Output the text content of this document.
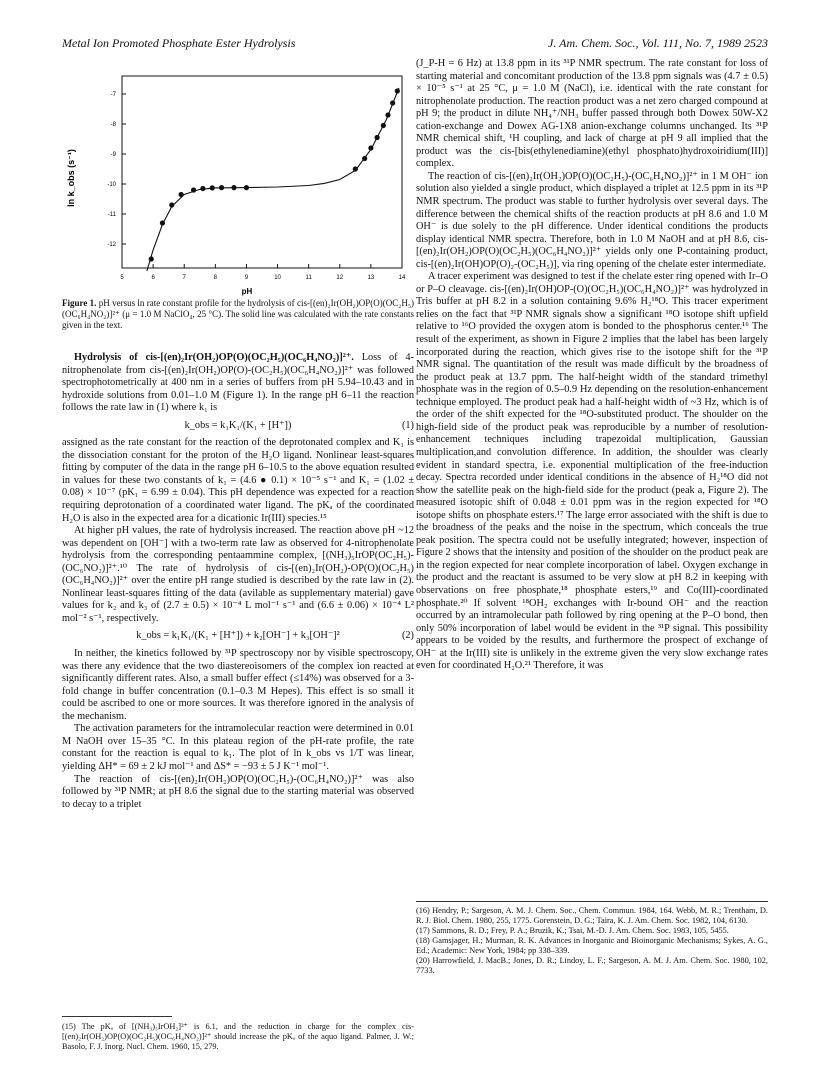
Metal Ion Promoted Phosphate Ester Hydrolysis	J. Am. Chem. Soc., Vol. 111, No. 7, 1989 2523
5	6	7	8	9	10	11	12	13	14
-7
-8
-9
-10
-11
-12
ln k_obs (s⁻¹)
pH
Figure 1. pH versus ln rate constant profile for the hydrolysis of cis-[(en)₂Ir(OH₂)OP(O)(OC₂H₅)(OC₆H₄NO₂)]²⁺ (μ = 1.0 M NaClO₄, 25 °C). The solid line was calculated with the rate constants given in the text.

Hydrolysis of cis-[(en)₂Ir(OH₂)OP(O)(OC₂H₅)(OC₆H₄NO₂)]²⁺. Loss of 4-nitrophenolate from cis-[(en)₂Ir(OH₂)OP(O)-(OC₂H₅)(OC₆H₄NO₂)]²⁺ was followed spectrophotometrically at 400 nm in a series of buffers from pH 5.94–10.43 and in hydroxide solutions from 0.01–1.0 M (Figure 1). In the range pH 6–11 the reaction follows the rate law in (1) where k₁ is

k_obs = k₁K₁/(K₁ + [H⁺])	(1)

assigned as the rate constant for the reaction of the deprotonated complex and K₁ is the dissociation constant for the proton of the H₂O ligand. Nonlinear least-squares fitting by computer of the data in the range pH 6–10.5 to the above equation resulted in values for these two constants of k₁ = (4.6 ● 0.1) × 10⁻⁵ s⁻¹ and K₁ = (1.02 ± 0.08) × 10⁻⁷ (pK₁ = 6.99 ± 0.04). This pH dependence was expected for a reaction requiring deprotonation of a coordinated water ligand. The pKₐ of the coordinated H₂O is also in the expected area for a dicationic Ir(III) species.¹⁵

At higher pH values, the rate of hydrolysis increased. The reaction above pH ~12 was dependent on [OH⁻] with a two-term rate law as observed for 4-nitrophenolate hydrolysis from the corresponding pentaammine complex, [(NH₃)₅IrOP(OC₂H₅)-(OC₆NO₂)]²⁺.¹⁰ The rate of hydrolysis of cis-[(en)₂Ir(OH₂)-OP(O)(OC₂H₅)(OC₆H₄NO₂)]²⁺ over the entire pH range studied is described by the rate law in (2). Nonlinear least-squares fitting of the data (avilable as supplementary material) gave values for k₂ and k₃ of (2.7 ± 0.5) × 10⁻⁴ L mol⁻¹ s⁻¹ and (6.6 ± 0.06) × 10⁻⁴ L² mol⁻² s⁻¹, respectively.

k_obs = k₁K₁/(K₁ + [H⁺]) + k₂[OH⁻] + k₃[OH⁻]²	(2)

In neither, the kinetics followed by ³¹P spectroscopy nor by visible spectroscopy, was there any evidence that the two diastereoisomers of the complex ion reacted at significantly different rates. Also, a small buffer effect (≤14%) was observed for a 3-fold change in buffer concentration (0.1–0.3 M Hepes). This effect is so small it could be ascribed to one or more sources. It was therefore ignored in the analysis of the mechanism.

The activation parameters for the intramolecular reaction were determined in 0.01 M NaOH over 15–35 °C. In this plateau region of the pH-rate profile, the rate constant for the reaction is equal to k₁. The plot of ln k_obs vs 1/T was linear, yielding ΔH* = 69 ± 2 kJ mol⁻¹ and ΔS* = −93 ± 5 J K⁻¹ mol⁻¹.

The reaction of cis-[(en)₂Ir(OH₂)OP(O)(OC₂H₅)-(OC₆H₄NO₂)]²⁺ was also followed by ³¹P NMR; at pH 8.6 the signal due to the starting material was observed to decay to a triplet

(15) The pKₐ of [(NH₃)₅IrOH₂]³⁺ is 6.1, and the reduction in charge for the complex cis-[(en)₂Ir(OH₂)OP(O)(OC₂H₅)(OC₆H₄NO₂)]²⁺ should increase the pKₐ of the aquo ligand. Palmer, J. W.; Basolo, F. J. Inorg. Nucl. Chem. 1960, 15, 279.

(J_P-H = 6 Hz) at 13.8 ppm in its ³¹P NMR spectrum. The rate constant for loss of starting material and concomitant production of the 13.8 ppm signals was (4.7 ± 0.5) × 10⁻⁵ s⁻¹ at 25 °C, μ = 1.0 M (NaCl), i.e. identical with the rate constant for nitrophenolate production. The reaction product was a net zero charged compound at pH 9; the product in dilute NH₄⁺/NH₃ buffer passed through both Dowex 50W-X2 cation-exchange and Dowex AG-1X8 anion-exchange columns unchanged. Its ³¹P NMR chemical shift, ¹H coupling, and lack of charge at pH 9 all implied that the product was the cis-[bis(ethylenediamine)(ethyl phosphato)hydroxoiridium(III)] complex.

The reaction of cis-[(en)₂Ir(OH₂)OP(O)(OC₂H₅)-(OC₆H₄NO₂)]²⁺ in 1 M OH⁻ ion solution also yielded a single product, which displayed a triplet at 12.5 ppm in its ³¹P NMR spectrum. The product was stable to further hydrolysis over several days. The difference between the chemical shifts of the reaction products at pH 8.6 and 1.0 M OH⁻ is due solely to the pH difference. Under identical conditions the products display identical NMR spectra. Therefore, both in 1.0 M NaOH and at pH 8.6, cis-[(en)₂Ir(OH₂)OP(O)(OC₂H₅)(OC₆H₄NO₂)]²⁺ yields only one P-containing product, cis-[(en)₂Ir(OH)OP(O)₂-(OC₂H₅)], via ring opening of the chelate ester intermediate.

A tracer experiment was designed to test if the chelate ester ring opened with Ir–O or P–O cleavage. cis-[(en)₂Ir(OH)OP-(O)(OC₂H₅)(OC₆H₄NO₂)]²⁺ was hydrolyzed in Tris buffer at pH 8.2 in a solution containing 9.6% H₂¹⁸O. This tracer experiment relies on the fact that ³¹P NMR signals show a significant ¹⁸O isotope shift upfield relative to ¹⁶O provided the oxygen atom is bonded to the phosphorus center.¹⁶ The result of the experiment, as shown in Figure 2 implies that the label has been largely incorporated during the reaction, which gives rise to the isotope shift for the ³¹P NMR signal. The quantitation of the result was made difficult by the broadness of the product peak at 13.7 ppm. The half-height width of the standard trimethyl phosphate was in the region of 0.5–0.9 Hz depending on the resolution-enhancement technique employed. The product peak had a half-height width of ~3 Hz, which is of the order of the shift expected for the ¹⁸O-substituted product. The shoulder on the high-field side of the product peak was reproducible by a number of resolution-enhancement techniques including trapezoidal multiplication, Gaussian multiplication,and convolution difference. In addition, the shoulder was clearly evident in standard spectra, i.e. exponential multiplication of the free-induction decay. Spectra recorded under identical conditions in the absence of H₂¹⁸O did not show the satellite peak on the high-field side for the product (peak a, Figure 2). The measured isotopic shift of 0.048 ± 0.01 ppm was in the region expected for ¹⁸O isotope shifts on phosphate esters.¹⁷ The large error associated with the shift is due to the broadness of the peaks and the noise in the spectrum, which conceals the true peak position. The spectra could not be usefully integrated; however, inspection of Figure 2 shows that the intensity and position of the shoulder on the product peak are in the region expected for near complete incorporation of label. Oxygen exchange in the product and the reactant is assumed to be very slow at pH 8.2 in keeping with observations on free phosphate,¹⁸ phosphate esters,¹⁹ and Co(III)-coordinated phosphate.²⁰ If solvent ¹⁸OH₂ exchanges with Ir-bound OH⁻ and the reaction occurred by an intramolecular path followed by ring opening at the P–O bond, then only 50% incorporation of label would be evident in the ³¹P signal. This possibility appears to be voided by the results, and furthermore the prospect of exchange of OH⁻ at the Ir(III) site is unlikely in the extreme given the very slow exchange rates even for coordinated H₂O.²¹ Therefore, it was

(16) Hendry, P.; Sargeson, A. M. J. Chem. Soc., Chem. Commun. 1984, 164. Webb, M. R.; Trentham, D. R. J. Biol. Chem. 1980, 255, 1775. Gorenstein, D. G.; Taira, K. J. Am. Chem. Soc. 1982, 104, 6130.
(17) Sammons, R. D.; Frey, P. A.; Bruzik, K.; Tsai, M.-D. J. Am. Chem. Soc. 1983, 105, 5455.
(18) Gamsjager, H.; Murman, R. K. Advances in Inorganic and Bioinorganic Mechanisms; Sykes, A. G., Ed.; Academic: New York, 1984; pp 338–339.
(20) Harrowfield, J. MacB.; Jones, D. R.; Lindoy, L. F.; Sargeson, A. M. J. Am. Chem. Soc. 1980, 102, 7733.
